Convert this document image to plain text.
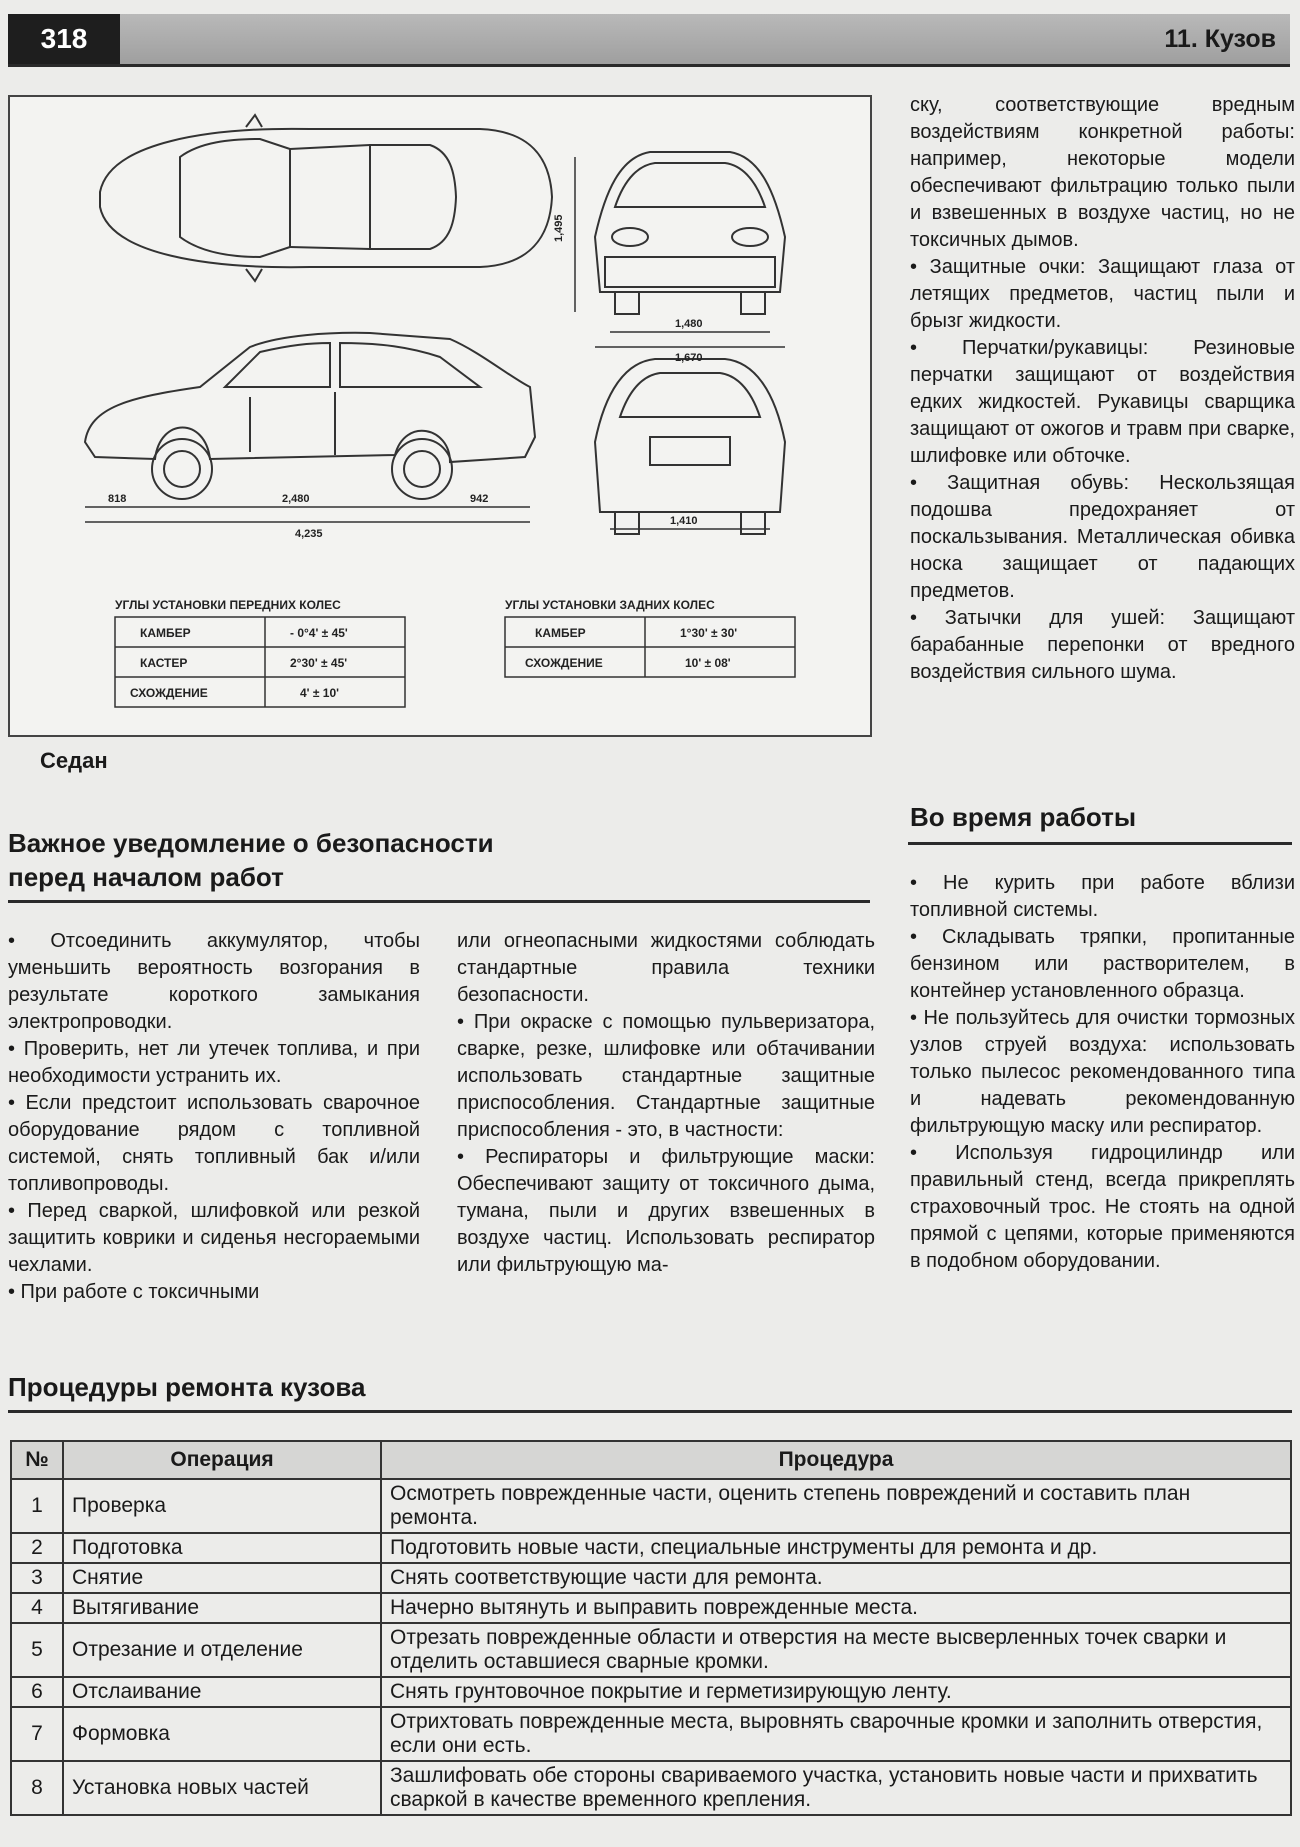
318	11. Кузов
1,495
1,480
1,670
818	2,480	942
4,235
1,410
УГЛЫ УСТАНОВКИ ПЕРЕДНИХ КОЛЕС
КАМБЕР	- 0°4' ± 45'
КАСТЕР	2°30' ± 45'
СХОЖДЕНИЕ	4' ± 10'
УГЛЫ УСТАНОВКИ ЗАДНИХ КОЛЕС
КАМБЕР	1°30' ± 30'
СХОЖДЕНИЕ	10' ± 08'
Седан

ску, соответствующие вредным воздействиям конкретной работы: например, некоторые модели обеспечивают фильтрацию только пыли и взвешенных в воздухе частиц, но не токсичных дымов.

• Защитные очки: Защищают глаза от летящих предметов, частиц пыли и брызг жидкости.

• Перчатки/рукавицы: Резиновые перчатки защищают от воздействия едких жидкостей. Рукавицы сварщика защищают от ожогов и травм при сварке, шлифовке или обточке.

• Защитная обувь: Нескользящая подошва предохраняет от поскальзывания. Металлическая обивка носка защищает от падающих предметов.

• Затычки для ушей: Защищают барабанные перепонки от вредного воздействия сильного шума.

Важное уведомление о безопасности
перед началом работ

• Отсоединить аккумулятор, чтобы уменьшить вероятность возгорания в результате короткого замыкания электропроводки.

• Проверить, нет ли утечек топлива, и при необходимости устранить их.

• Если предстоит использовать сварочное оборудование рядом с топливной системой, снять топливный бак и/или топливопроводы.

• Перед сваркой, шлифовкой или резкой защитить коврики и сиденья несгораемыми чехлами.

• При работе с токсичными

или огнеопасными жидкостями соблюдать стандартные правила техники безопасности.

• При окраске с помощью пульверизатора, сварке, резке, шлифовке или обтачивании использовать стандартные защитные приспособления. Стандартные защитные приспособления - это, в частности:

• Респираторы и фильтрующие маски: Обеспечивают защиту от токсичного дыма, тумана, пыли и других взвешенных в воздухе частиц. Использовать респиратор или фильтрующую ма-

Во время работы

• Не курить при работе вблизи топливной системы.

• Складывать тряпки, пропитанные бензином или растворителем, в контейнер установленного образца.

• Не пользуйтесь для очистки тормозных узлов струей воздуха: использовать только пылесос рекомендованного типа и надевать рекомендованную фильтрующую маску или респиратор.

• Используя гидроцилиндр или правильный стенд, всегда прикреплять страховочный трос. Не стоять на одной прямой с цепями, которые применяются в подобном оборудовании.

Процедуры ремонта кузова
№	Операция	Процедура
1	Проверка	Осмотреть поврежденные части, оценить степень повреждений и составить план ремонта.
2	Подготовка	Подготовить новые части, специальные инструменты для ремонта и др.
3	Снятие	Снять соответствующие части для ремонта.
4	Вытягивание	Начерно вытянуть и выправить поврежденные места.
5	Отрезание и отделение	Отрезать поврежденные области и отверстия на месте высверленных точек сварки и отделить оставшиеся сварные кромки.
6	Отслаивание	Снять грунтовочное покрытие и герметизирующую ленту.
7	Формовка	Отрихтовать поврежденные места, выровнять сварочные кромки и заполнить отверстия, если они есть.
8	Установка новых частей	Зашлифовать обе стороны свариваемого участка, установить новые части и прихватить сваркой в качестве временного крепления.
